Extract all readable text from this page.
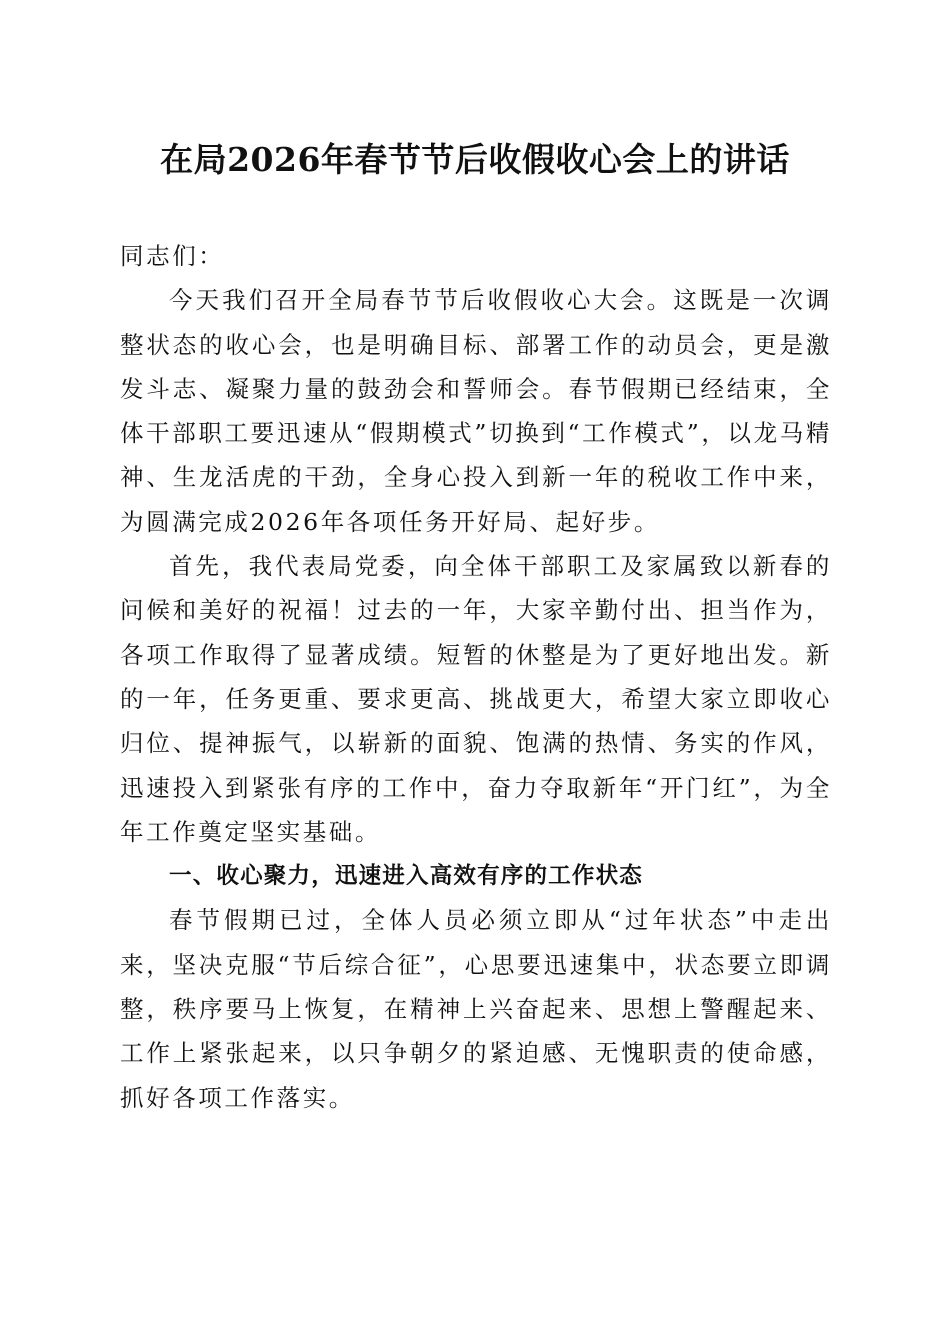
在局2026年春节节后收假收心会上的讲话

同志们：

今天我们召开全局春节节后收假收心大会。这既是一次调整状态的收心会，也是明确目标、部署工作的动员会，更是激发斗志、凝聚力量的鼓劲会和誓师会。春节假期已经结束，全体干部职工要迅速从“假期模式”切换到“工作模式”，以龙马精神、生龙活虎的干劲，全身心投入到新一年的税收工作中来，为圆满完成2026年各项任务开好局、起好步。

首先，我代表局党委，向全体干部职工及家属致以新春的问候和美好的祝福！过去的一年，大家辛勤付出、担当作为，各项工作取得了显著成绩。短暂的休整是为了更好地出发。新的一年，任务更重、要求更高、挑战更大，希望大家立即收心归位、提神振气，以崭新的面貌、饱满的热情、务实的作风，迅速投入到紧张有序的工作中，奋力夺取新年“开门红”，为全年工作奠定坚实基础。

一、收心聚力，迅速进入高效有序的工作状态

春节假期已过，全体人员必须立即从“过年状态”中走出来，坚决克服“节后综合征”，心思要迅速集中，状态要立即调整，秩序要马上恢复，在精神上兴奋起来、思想上警醒起来、工作上紧张起来，以只争朝夕的紧迫感、无愧职责的使命感，抓好各项工作落实。
